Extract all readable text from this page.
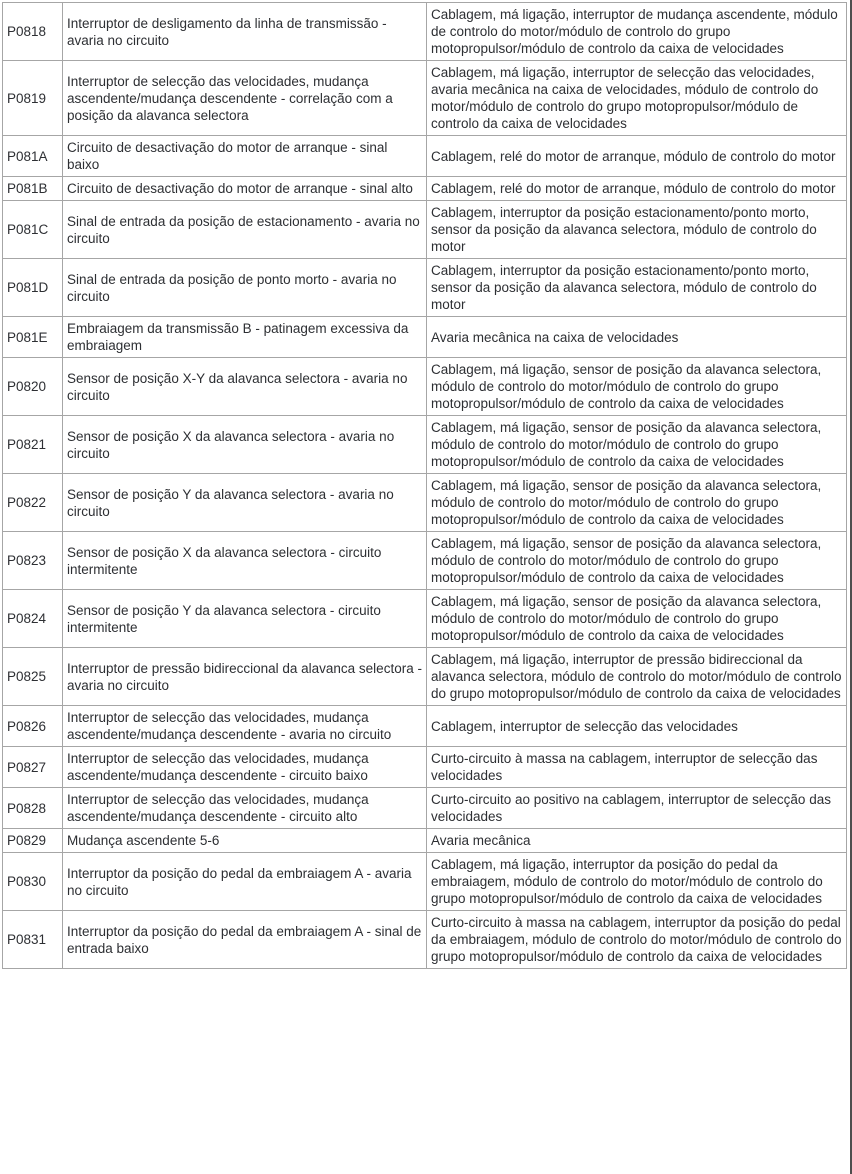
P0818	Interruptor de desligamento da linha de transmissão - avaria no circuito	Cablagem, má ligação, interruptor de mudança ascendente, módulo de controlo do motor/módulo de controlo do grupo motopropulsor/módulo de controlo da caixa de velocidades
P0819	Interruptor de selecção das velocidades, mudança ascendente/mudança descendente - correlação com a posição da alavanca selectora	Cablagem, má ligação, interruptor de selecção das velocidades, avaria mecânica na caixa de velocidades, módulo de controlo do motor/módulo de controlo do grupo motopropulsor/módulo de controlo da caixa de velocidades
P081A	Circuito de desactivação do motor de arranque - sinal baixo	Cablagem, relé do motor de arranque, módulo de controlo do motor
P081B	Circuito de desactivação do motor de arranque - sinal alto	Cablagem, relé do motor de arranque, módulo de controlo do motor
P081C	Sinal de entrada da posição de estacionamento - avaria no circuito	Cablagem, interruptor da posição estacionamento/ponto morto, sensor da posição da alavanca selectora, módulo de controlo do motor
P081D	Sinal de entrada da posição de ponto morto - avaria no circuito	Cablagem, interruptor da posição estacionamento/ponto morto, sensor da posição da alavanca selectora, módulo de controlo do motor
P081E	Embraiagem da transmissão B - patinagem excessiva da embraiagem	Avaria mecânica na caixa de velocidades
P0820	Sensor de posição X-Y da alavanca selectora - avaria no circuito	Cablagem, má ligação, sensor de posição da alavanca selectora, módulo de controlo do motor/módulo de controlo do grupo motopropulsor/módulo de controlo da caixa de velocidades
P0821	Sensor de posição X da alavanca selectora - avaria no circuito	Cablagem, má ligação, sensor de posição da alavanca selectora, módulo de controlo do motor/módulo de controlo do grupo motopropulsor/módulo de controlo da caixa de velocidades
P0822	Sensor de posição Y da alavanca selectora - avaria no circuito	Cablagem, má ligação, sensor de posição da alavanca selectora, módulo de controlo do motor/módulo de controlo do grupo motopropulsor/módulo de controlo da caixa de velocidades
P0823	Sensor de posição X da alavanca selectora - circuito intermitente	Cablagem, má ligação, sensor de posição da alavanca selectora, módulo de controlo do motor/módulo de controlo do grupo motopropulsor/módulo de controlo da caixa de velocidades
P0824	Sensor de posição Y da alavanca selectora - circuito intermitente	Cablagem, má ligação, sensor de posição da alavanca selectora, módulo de controlo do motor/módulo de controlo do grupo motopropulsor/módulo de controlo da caixa de velocidades
P0825	Interruptor de pressão bidireccional da alavanca selectora - avaria no circuito	Cablagem, má ligação, interruptor de pressão bidireccional da alavanca selectora, módulo de controlo do motor/módulo de controlo do grupo motopropulsor/módulo de controlo da caixa de velocidades
P0826	Interruptor de selecção das velocidades, mudança ascendente/mudança descendente - avaria no circuito	Cablagem, interruptor de selecção das velocidades
P0827	Interruptor de selecção das velocidades, mudança ascendente/mudança descendente - circuito baixo	Curto-circuito à massa na cablagem, interruptor de selecção das velocidades
P0828	Interruptor de selecção das velocidades, mudança ascendente/mudança descendente - circuito alto	Curto-circuito ao positivo na cablagem, interruptor de selecção das velocidades
P0829	Mudança ascendente 5-6	Avaria mecânica
P0830	Interruptor da posição do pedal da embraiagem A - avaria no circuito	Cablagem, má ligação, interruptor da posição do pedal da embraiagem, módulo de controlo do motor/módulo de controlo do grupo motopropulsor/módulo de controlo da caixa de velocidades
P0831	Interruptor da posição do pedal da embraiagem A - sinal de entrada baixo	Curto-circuito à massa na cablagem, interruptor da posição do pedal da embraiagem, módulo de controlo do motor/módulo de controlo do grupo motopropulsor/módulo de controlo da caixa de velocidades
